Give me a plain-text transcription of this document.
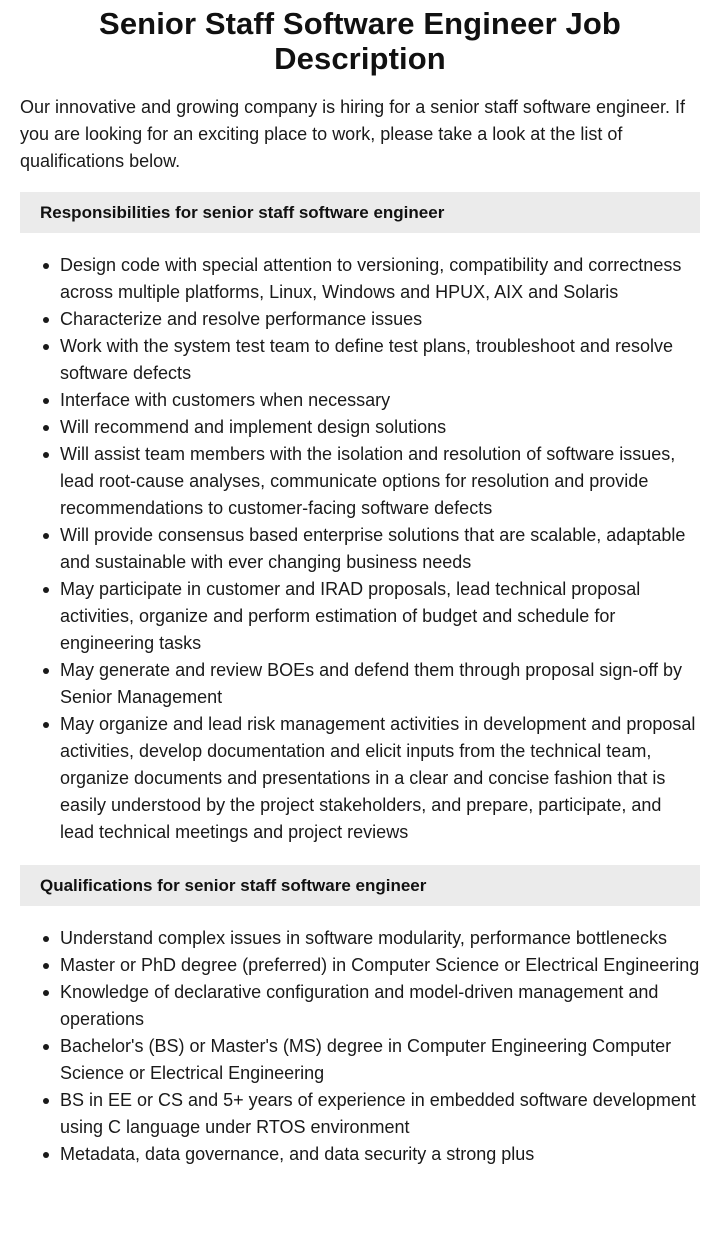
Senior Staff Software Engineer Job Description

Our innovative and growing company is hiring for a senior staff software engineer. If you are looking for an exciting place to work, please take a look at the list of qualifications below.

Responsibilities for senior staff software engineer
Design code with special attention to versioning, compatibility and correctness across multiple platforms, Linux, Windows and HPUX, AIX and Solaris
Characterize and resolve performance issues
Work with the system test team to define test plans, troubleshoot and resolve software defects
Interface with customers when necessary
Will recommend and implement design solutions
Will assist team members with the isolation and resolution of software issues, lead root-cause analyses, communicate options for resolution and provide recommendations to customer-facing software defects
Will provide consensus based enterprise solutions that are scalable, adaptable and sustainable with ever changing business needs
May participate in customer and IRAD proposals, lead technical proposal activities, organize and perform estimation of budget and schedule for engineering tasks
May generate and review BOEs and defend them through proposal sign-off by Senior Management
May organize and lead risk management activities in development and proposal activities, develop documentation and elicit inputs from the technical team, organize documents and presentations in a clear and concise fashion that is easily understood by the project stakeholders, and prepare, participate, and lead technical meetings and project reviews
Qualifications for senior staff software engineer
Understand complex issues in software modularity, performance bottlenecks
Master or PhD degree (preferred) in Computer Science or Electrical Engineering
Knowledge of declarative configuration and model-driven management and operations
Bachelor's (BS) or Master's (MS) degree in Computer Engineering Computer Science or Electrical Engineering
BS in EE or CS and 5+ years of experience in embedded software development using C language under RTOS environment
Metadata, data governance, and data security a strong plus
